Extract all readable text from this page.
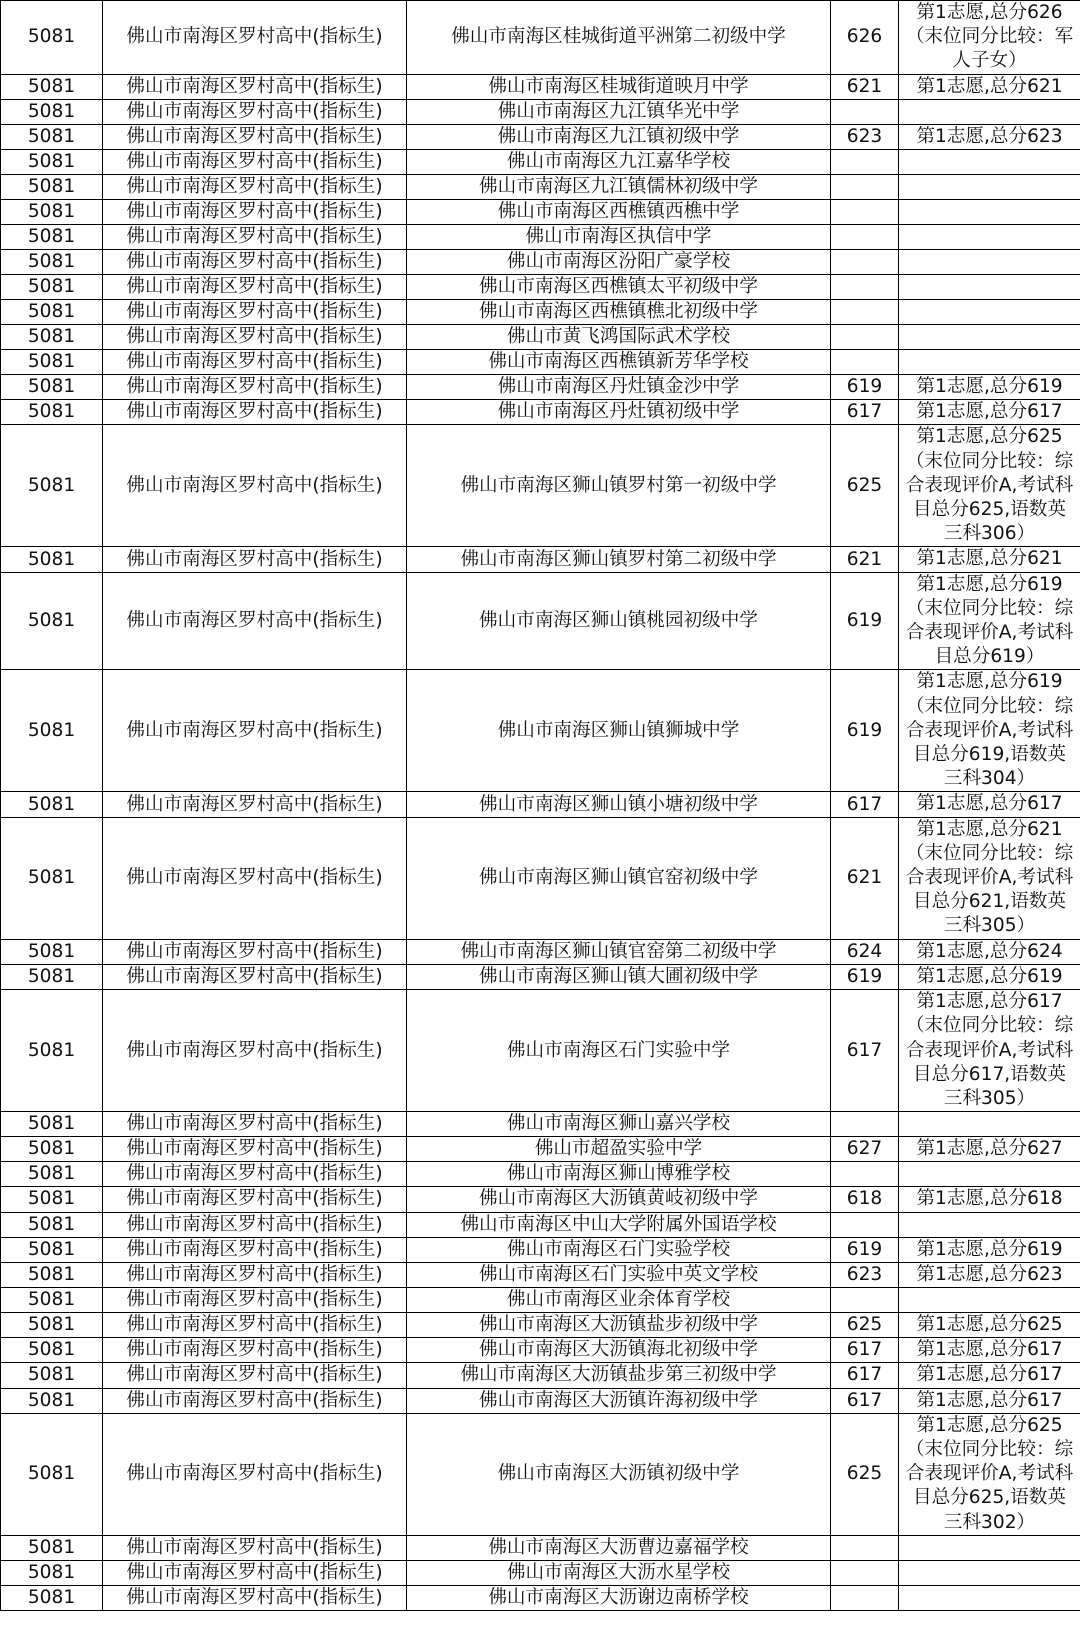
5081	佛山市南海区罗村高中(指标生)	佛山市南海区桂城街道平洲第二初级中学	626	第1志愿,总分626（末位同分比较：军人子女）
5081	佛山市南海区罗村高中(指标生)	佛山市南海区桂城街道映月中学	621	第1志愿,总分621
5081	佛山市南海区罗村高中(指标生)	佛山市南海区九江镇华光中学		
5081	佛山市南海区罗村高中(指标生)	佛山市南海区九江镇初级中学	623	第1志愿,总分623
5081	佛山市南海区罗村高中(指标生)	佛山市南海区九江嘉华学校		
5081	佛山市南海区罗村高中(指标生)	佛山市南海区九江镇儒林初级中学		
5081	佛山市南海区罗村高中(指标生)	佛山市南海区西樵镇西樵中学		
5081	佛山市南海区罗村高中(指标生)	佛山市南海区执信中学		
5081	佛山市南海区罗村高中(指标生)	佛山市南海区汾阳广豪学校		
5081	佛山市南海区罗村高中(指标生)	佛山市南海区西樵镇太平初级中学		
5081	佛山市南海区罗村高中(指标生)	佛山市南海区西樵镇樵北初级中学		
5081	佛山市南海区罗村高中(指标生)	佛山市黄飞鸿国际武术学校		
5081	佛山市南海区罗村高中(指标生)	佛山市南海区西樵镇新芳华学校		
5081	佛山市南海区罗村高中(指标生)	佛山市南海区丹灶镇金沙中学	619	第1志愿,总分619
5081	佛山市南海区罗村高中(指标生)	佛山市南海区丹灶镇初级中学	617	第1志愿,总分617
5081	佛山市南海区罗村高中(指标生)	佛山市南海区狮山镇罗村第一初级中学	625	第1志愿,总分625（末位同分比较：综合表现评价A,考试科目总分625,语数英三科306）
5081	佛山市南海区罗村高中(指标生)	佛山市南海区狮山镇罗村第二初级中学	621	第1志愿,总分621
5081	佛山市南海区罗村高中(指标生)	佛山市南海区狮山镇桃园初级中学	619	第1志愿,总分619（末位同分比较：综合表现评价A,考试科目总分619）
5081	佛山市南海区罗村高中(指标生)	佛山市南海区狮山镇狮城中学	619	第1志愿,总分619（末位同分比较：综合表现评价A,考试科目总分619,语数英三科304）
5081	佛山市南海区罗村高中(指标生)	佛山市南海区狮山镇小塘初级中学	617	第1志愿,总分617
5081	佛山市南海区罗村高中(指标生)	佛山市南海区狮山镇官窑初级中学	621	第1志愿,总分621（末位同分比较：综合表现评价A,考试科目总分621,语数英三科305）
5081	佛山市南海区罗村高中(指标生)	佛山市南海区狮山镇官窑第二初级中学	624	第1志愿,总分624
5081	佛山市南海区罗村高中(指标生)	佛山市南海区狮山镇大圃初级中学	619	第1志愿,总分619
5081	佛山市南海区罗村高中(指标生)	佛山市南海区石门实验中学	617	第1志愿,总分617（末位同分比较：综合表现评价A,考试科目总分617,语数英三科305）
5081	佛山市南海区罗村高中(指标生)	佛山市南海区狮山嘉兴学校		
5081	佛山市南海区罗村高中(指标生)	佛山市超盈实验中学	627	第1志愿,总分627
5081	佛山市南海区罗村高中(指标生)	佛山市南海区狮山博雅学校		
5081	佛山市南海区罗村高中(指标生)	佛山市南海区大沥镇黄岐初级中学	618	第1志愿,总分618
5081	佛山市南海区罗村高中(指标生)	佛山市南海区中山大学附属外国语学校		
5081	佛山市南海区罗村高中(指标生)	佛山市南海区石门实验学校	619	第1志愿,总分619
5081	佛山市南海区罗村高中(指标生)	佛山市南海区石门实验中英文学校	623	第1志愿,总分623
5081	佛山市南海区罗村高中(指标生)	佛山市南海区业余体育学校		
5081	佛山市南海区罗村高中(指标生)	佛山市南海区大沥镇盐步初级中学	625	第1志愿,总分625
5081	佛山市南海区罗村高中(指标生)	佛山市南海区大沥镇海北初级中学	617	第1志愿,总分617
5081	佛山市南海区罗村高中(指标生)	佛山市南海区大沥镇盐步第三初级中学	617	第1志愿,总分617
5081	佛山市南海区罗村高中(指标生)	佛山市南海区大沥镇许海初级中学	617	第1志愿,总分617
5081	佛山市南海区罗村高中(指标生)	佛山市南海区大沥镇初级中学	625	第1志愿,总分625（末位同分比较：综合表现评价A,考试科目总分625,语数英三科302）
5081	佛山市南海区罗村高中(指标生)	佛山市南海区大沥曹边嘉福学校		
5081	佛山市南海区罗村高中(指标生)	佛山市南海区大沥水星学校		
5081	佛山市南海区罗村高中(指标生)	佛山市南海区大沥谢边南桥学校		
